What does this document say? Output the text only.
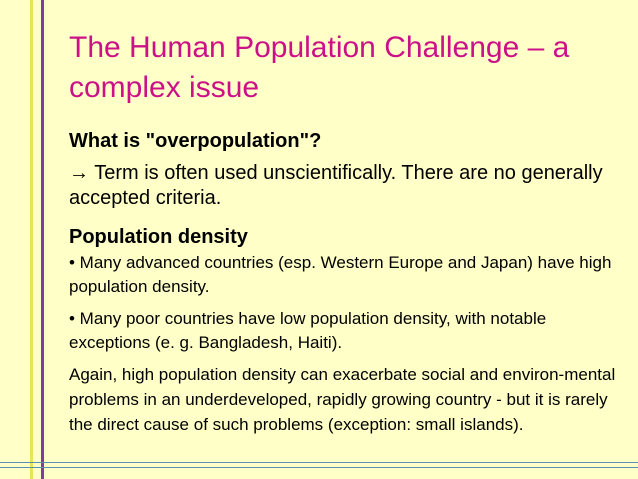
The Human Population Challenge – a complex issue
What is "overpopulation"?

→ Term is often used unscientifically. There are no generally accepted criteria.

Population density

• Many advanced countries (esp. Western Europe and Japan) have high population density.

• Many poor countries have low population density, with notable exceptions (e. g. Bangladesh, Haiti).

Again, high population density can exacerbate social and environ-mental problems in an underdeveloped, rapidly growing country - but it is rarely the direct cause of such problems (exception: small islands).
